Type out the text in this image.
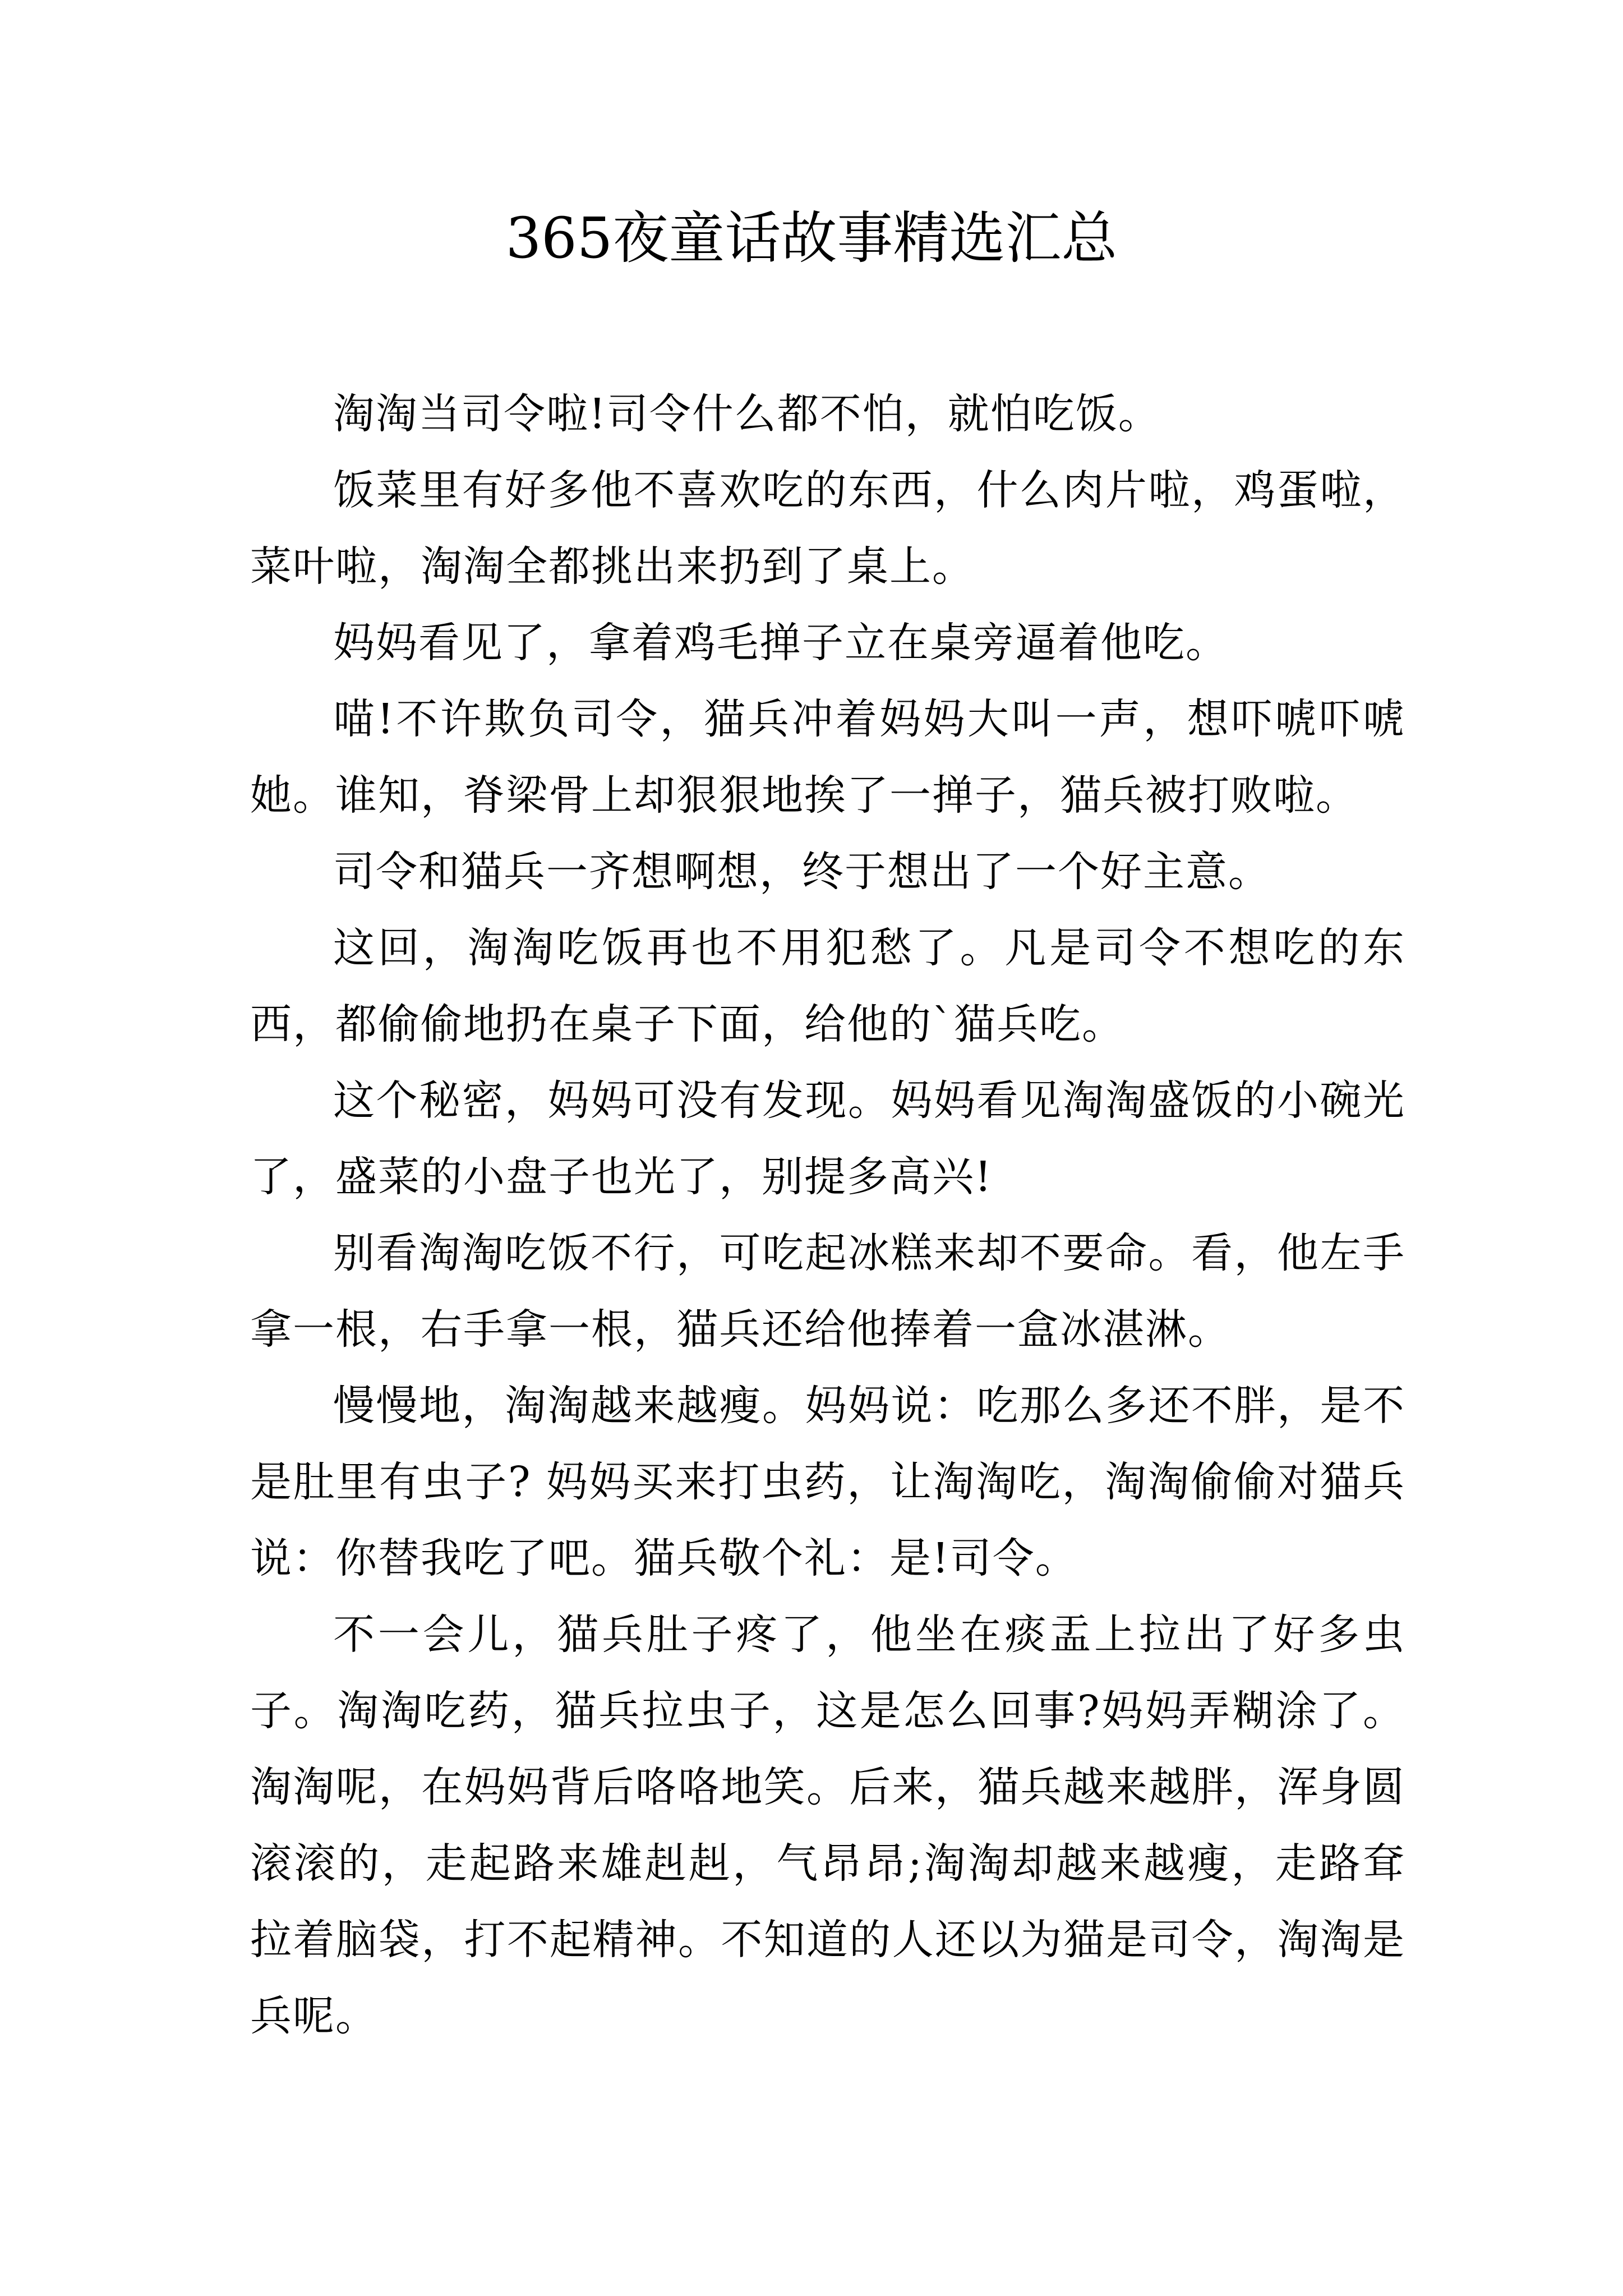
365夜童话故事精选汇总

淘淘当司令啦!司令什么都不怕，就怕吃饭。

饭菜里有好多他不喜欢吃的东西，什么肉片啦，鸡蛋啦，菜叶啦，淘淘全都挑出来扔到了桌上。

妈妈看见了，拿着鸡毛掸子立在桌旁逼着他吃。

喵!不许欺负司令，猫兵冲着妈妈大叫一声，想吓唬吓唬她。谁知，脊梁骨上却狠狠地挨了一掸子，猫兵被打败啦。

司令和猫兵一齐想啊想，终于想出了一个好主意。

这回，淘淘吃饭再也不用犯愁了。凡是司令不想吃的东西，都偷偷地扔在桌子下面，给他的`猫兵吃。

这个秘密，妈妈可没有发现。妈妈看见淘淘盛饭的小碗光了，盛菜的小盘子也光了，别提多高兴!

别看淘淘吃饭不行，可吃起冰糕来却不要命。看，他左手拿一根，右手拿一根，猫兵还给他捧着一盒冰湛淋。

慢慢地，淘淘越来越瘦。妈妈说：吃那么多还不胖，是不是肚里有虫子? 妈妈买来打虫药，让淘淘吃，淘淘偷偷对猫兵说：你替我吃了吧。猫兵敬个礼：是!司令。

不一会儿，猫兵肚子疼了，他坐在痰盂上拉出了好多虫子。淘淘吃药，猫兵拉虫子，这是怎么回事?妈妈弄糊涂了。淘淘呢，在妈妈背后咯咯地笑。后来，猫兵越来越胖，浑身圆滚滚的，走起路来雄赳赳，气昂昂;淘淘却越来越瘦，走路耷拉着脑袋，打不起精神。不知道的人还以为猫是司令，淘淘是兵呢。
